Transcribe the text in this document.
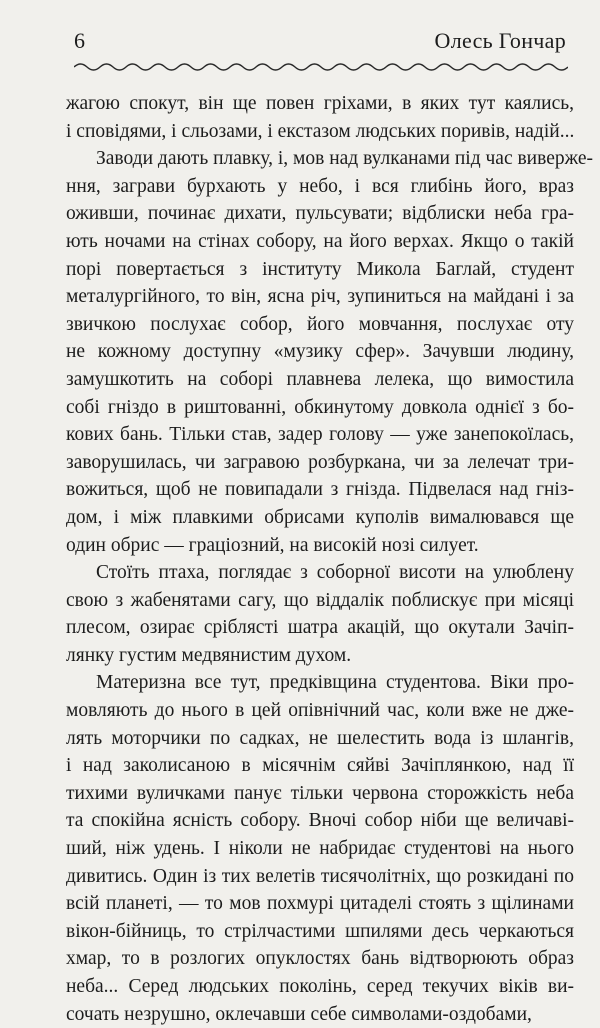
6	Олесь Гончар
жагою спокут, він ще повен гріхами, в яких тут каялись,
і сповідями, і сльозами, і екстазом людських поривів, надій...
Заводи дають плавку, і, мов над вулканами під час виверже-
ння, заграви бурхають у небо, і вся глибінь його, враз
оживши, починає дихати, пульсувати; відблиски неба гра-
ють ночами на стінах собору, на його верхах. Якщо о такій
порі повертається з інституту Микола Баглай, студент
металургійного, то він, ясна річ, зупиниться на майдані і за
звичкою послухає собор, його мовчання, послухає оту
не кожному доступну «музику сфер». Зачувши людину,
замушкотить на соборі плавнева лелека, що вимостила
собі гніздо в риштованні, обкинутому довкола однієї з бо-
кових бань. Тільки став, задер голову — уже занепокоїлась,
заворушилась, чи загравою розбуркана, чи за лелечат три-
вожиться, щоб не повипадали з гнізда. Підвелася над гніз-
дом, і між плавкими обрисами куполів вималювався ще
один обрис — граціозний, на високій нозі силует.
Стоїть птаха, поглядає з соборної висоти на улюблену
свою з жабенятами сагу, що віддалік поблискує при місяці
плесом, озирає сріблясті шатра акацій, що окутали Зачіп-
лянку густим медвянистим духом.
Материзна все тут, предківщина студентова. Віки про-
мовляють до нього в цей опівнічний час, коли вже не дже-
лять моторчики по садках, не шелестить вода із шлангів,
і над заколисаною в місячнім сяйві Зачіплянкою, над її
тихими вуличками панує тільки червона сторожкість неба
та спокійна ясність собору. Вночі собор ніби ще величаві-
ший, ніж удень. І ніколи не набридає студентові на нього
дивитись. Один із тих велетів тисячолітніх, що розкидані по
всій планеті, — то мов похмурі цитаделі стоять з щілинами
вікон-бійниць, то стрілчастими шпилями десь черкаються
хмар, то в розлогих опуклостях бань відтворюють образ
неба... Серед людських поколінь, серед текучих віків ви-
сочать незрушно, оклечавши себе символами-оздобами,
